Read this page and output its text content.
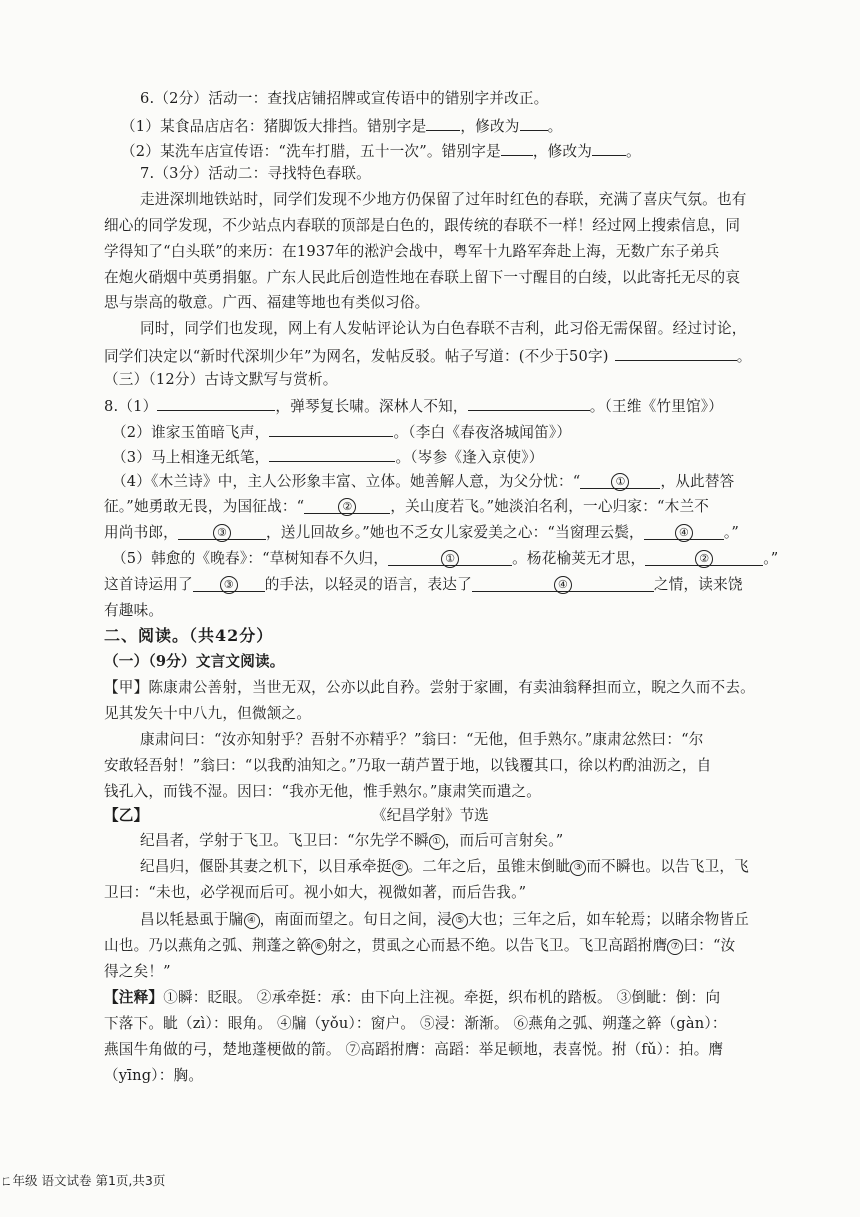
6.（2分）活动一：查找店铺招牌或宣传语中的错别字并改正。
（1）某食品店店名：猪脚饭大排挡。错别字是 ，修改为 。
（2）某洗车店宣传语：“洗车打腊，五十一次”。错别字是 ，修改为 。
7.（3分）活动二：寻找特色春联。
走进深圳地铁站时，同学们发现不少地方仍保留了过年时红色的春联，充满了喜庆气氛。也有
细心的同学发现，不少站点内春联的顶部是白色的，跟传统的春联不一样！经过网上搜索信息，同
学得知了“白头联”的来历：在1937年的淞沪会战中，粤军十九路军奔赴上海，无数广东子弟兵
在炮火硝烟中英勇捐躯。广东人民此后创造性地在春联上留下一寸醒目的白绫，以此寄托无尽的哀
思与崇高的敬意。广西、福建等地也有类似习俗。
同时，同学们也发现，网上有人发帖评论认为白色春联不吉利，此习俗无需保留。经过讨论，
同学们决定以“新时代深圳少年”为网名，发帖反驳。帖子写道：(不少于50字)	。
（三）（12分）古诗文默写与赏析。
8.（1）	，弹琴复长啸。深林人不知，	。（王维《竹里馆》）
（2）谁家玉笛暗飞声，	。（李白《春夜洛城闻笛》）
（3）马上相逢无纸笔，	。（岑参《逢入京使》）
（4）《木兰诗》中，主人公形象丰富、立体。她善解人意，为父分忧：“	① ，从此替答
征。”她勇敢无畏，为国征战：“	②	，关山度若飞。”她淡泊名利，一心归家：“木兰不
用尚书郎，	③	，送儿回故乡。”她也不乏女儿家爱美之心：“当窗理云鬓，	④ 。”
（5）韩愈的《晚春》：“草树知春不久归，	①	。杨花榆荚无才思，	②	。”
这首诗运用了	③ 的手法，以轻灵的语言，表达了	④	之情，读来饶
有趣味。
二、阅读。（共42分）
（一）（9分）文言文阅读。
【甲】陈康肃公善射，当世无双，公亦以此自矜。尝射于家圃，有卖油翁释担而立，睨之久而不去。
见其发矢十中八九，但微颔之。
康肃问曰：“汝亦知射乎？吾射不亦精乎？”翁曰：“无他，但手熟尔。”康肃忿然曰：“尔
安敢轻吾射！”翁曰：“以我酌油知之。”乃取一葫芦置于地，以钱覆其口，徐以杓酌油沥之，自
钱孔入，而钱不湿。因曰：“我亦无他，惟手熟尔。”康肃笑而遣之。
【乙】	《纪昌学射》节选
纪昌者，学射于飞卫。飞卫曰：“尔先学不瞬 ① ，而后可言射矣。”
纪昌归，偃卧其妻之机下，以目承牵挺 ② 。二年之后，虽锥末倒眦 ③ 而不瞬也。以告飞卫，飞
卫曰：“未也，必学视而后可。视小如大，视微如著，而后告我。”
昌以牦悬虱于牖 ④ ，南面而望之。旬日之间，浸 ⑤ 大也；三年之后，如车轮焉；以睹余物皆丘
山也。乃以燕角之弧、荆蓬之簳 ⑥ 射之，贯虱之心而悬不绝。以告飞卫。飞卫高蹈拊膺 ⑦ 曰：“汝
得之矣！”
【注释】①瞬：眨眼。 ②承牵挺：承：由下向上注视。牵挺，织布机的踏板。 ③倒眦：倒：向
下落下。眦（zì）：眼角。 ④牖（yǒu）：窗户。 ⑤浸：渐渐。 ⑥燕角之弧、朔蓬之簳（gàn）：
燕国牛角做的弓，楚地蓬梗做的箭。 ⑦高蹈拊膺：高蹈：举足顿地，表喜悦。拊（fǔ）：拍。膺
（yīng）：胸。
ㄈ年级 语文试卷 第1页,共3页
